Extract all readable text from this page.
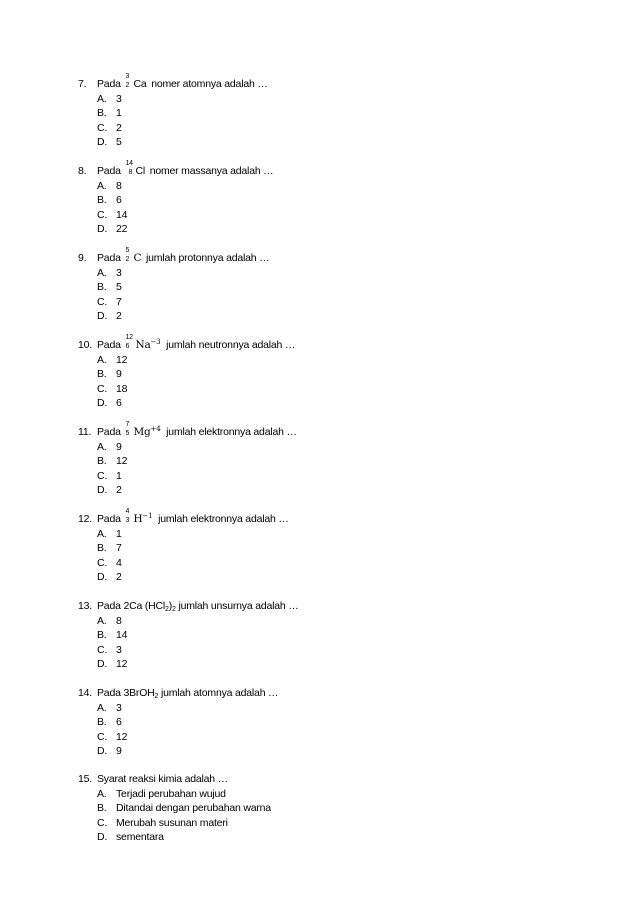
7. Pada
3
2 Ca nomer atomnya adalah …
A. 3
B. 1
C. 2
D. 5
8. Pada
14
8 Cl nomer massanya adalah …
A. 8
B. 6
C. 14
D. 22
9. Pada
5
2 C jumlah protonnya adalah …
A. 3
B. 5
C. 7
D. 2
10. Pada
12
6 $Na^{-3}$ jumlah neutronnya adalah …
A. 12
B. 9
C. 18
D. 6
11. Pada
7
5 $Mg^{+4}$ jumlah elektronnya adalah …
A. 9
B. 12
C. 1
D. 2
12. Pada
4
3 $H^{-1}$ jumlah elektronnya adalah …
A. 1
B. 7
C. 4
D. 2
13. Pada 2Ca (HCl2)2 jumlah unsurnya adalah …
A. 8
B. 14
C. 3
D. 12
14. Pada 3BrOH2 jumlah atomnya adalah …
A. 3
B. 6
C. 12
D. 9
15. Syarat reaksi kimia adalah …
A. Terjadi perubahan wujud
B. Ditandai dengan perubahan warna
C. Merubah susunan materi
D. sementara
